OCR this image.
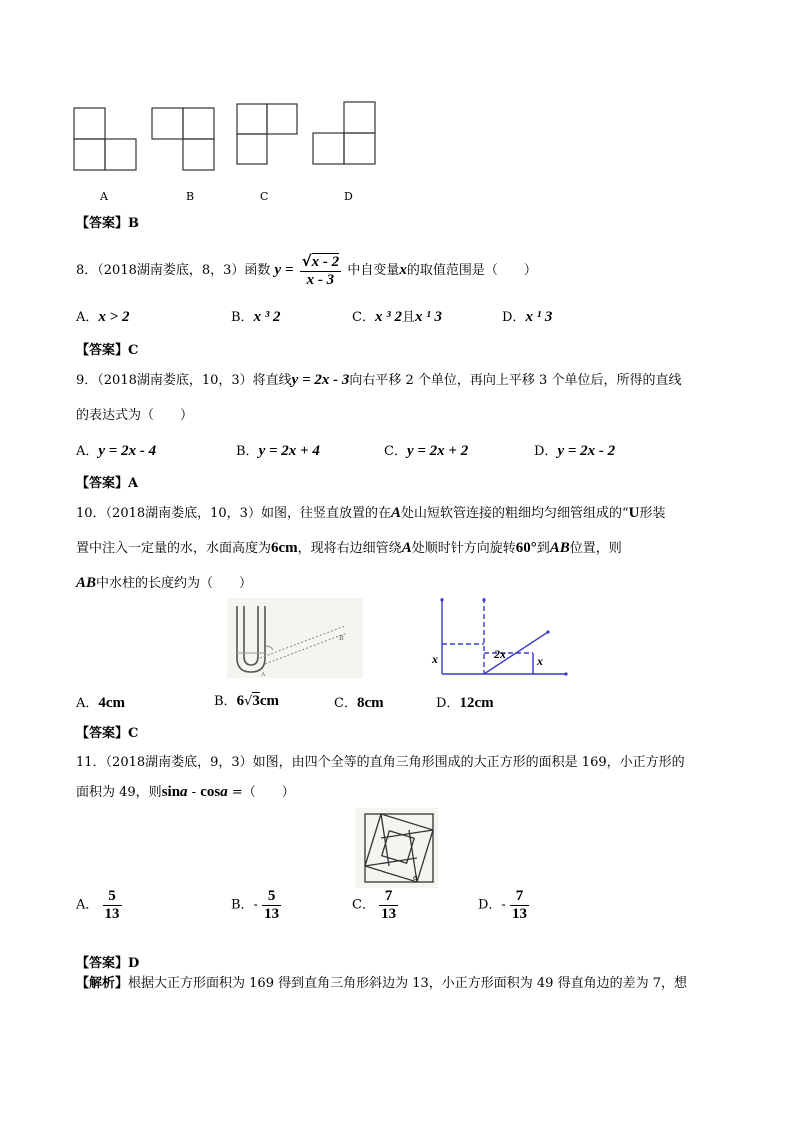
A	B	C	D
【答案】B
8．（2018湖南娄底，8，3）函数 $y = \frac{√x - 2}{x - 3}$ 中自变量x的取值范围是（　　）
A．x > 2	B．x ³ 2	C．x ³ 2且x ¹ 3	D．x ¹ 3
【答案】C
9．（2018湖南娄底，10，3）将直线y = 2x - 3向右平移 2 个单位，再向上平移 3 个单位后，所得的直线
的表达式为（　　）
A．y = 2x - 4	B．y = 2x + 4	C．y = 2x + 2	D．y = 2x - 2
【答案】A
10．（2018湖南娄底，10，3）如图，往竖直放置的在A处山短软管连接的粗细均匀细管组成的“U形装
置中注入一定量的水，水面高度为6cm，现将右边细管绕A处顺时针方向旋转60°到AB位置，则
AB中水柱的长度约为（　　）
B
A
x	2x	x
A．4cm	B．6√3cm	C．8cm	D．12cm
【答案】C
11．（2018湖南娄底，9，3）如图，由四个全等的直角三角形围成的大正方形的面积是 169，小正方形的
面积为 49，则sina - cosa =（　　）
α
A． $\frac{5}{13}$	B．- $\frac{5}{13}$	C． $\frac{7}{13}$	D．- $\frac{7}{13}$
【答案】D
【解析】根据大正方形面积为 169 得到直角三角形斜边为 13，小正方形面积为 49 得直角边的差为 7，想
